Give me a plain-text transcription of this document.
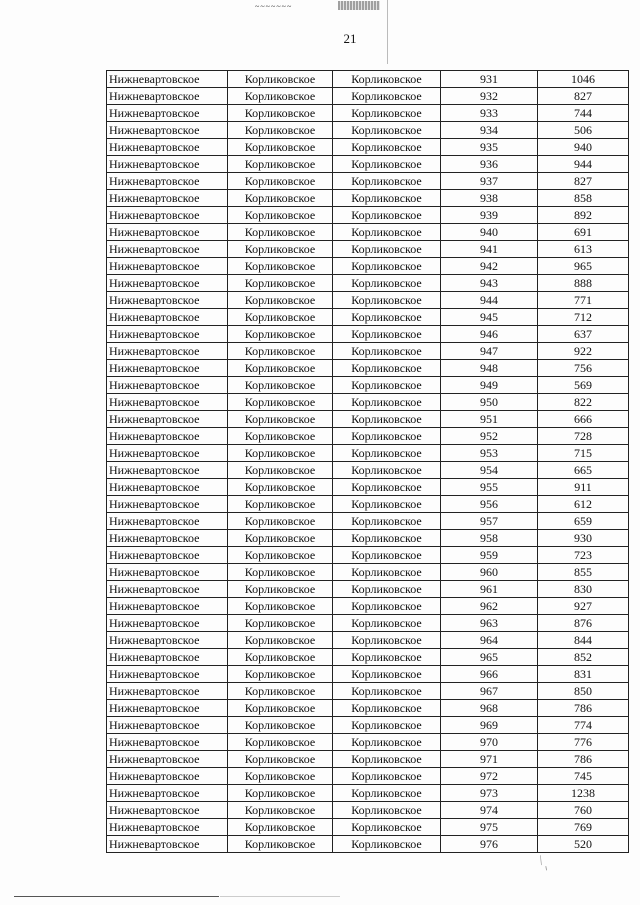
~~~~~~~
21
Нижневартовское	Корликовское	Корликовское	931	1046
Нижневартовское	Корликовское	Корликовское	932	827
Нижневартовское	Корликовское	Корликовское	933	744
Нижневартовское	Корликовское	Корликовское	934	506
Нижневартовское	Корликовское	Корликовское	935	940
Нижневартовское	Корликовское	Корликовское	936	944
Нижневартовское	Корликовское	Корликовское	937	827
Нижневартовское	Корликовское	Корликовское	938	858
Нижневартовское	Корликовское	Корликовское	939	892
Нижневартовское	Корликовское	Корликовское	940	691
Нижневартовское	Корликовское	Корликовское	941	613
Нижневартовское	Корликовское	Корликовское	942	965
Нижневартовское	Корликовское	Корликовское	943	888
Нижневартовское	Корликовское	Корликовское	944	771
Нижневартовское	Корликовское	Корликовское	945	712
Нижневартовское	Корликовское	Корликовское	946	637
Нижневартовское	Корликовское	Корликовское	947	922
Нижневартовское	Корликовское	Корликовское	948	756
Нижневартовское	Корликовское	Корликовское	949	569
Нижневартовское	Корликовское	Корликовское	950	822
Нижневартовское	Корликовское	Корликовское	951	666
Нижневартовское	Корликовское	Корликовское	952	728
Нижневартовское	Корликовское	Корликовское	953	715
Нижневартовское	Корликовское	Корликовское	954	665
Нижневартовское	Корликовское	Корликовское	955	911
Нижневартовское	Корликовское	Корликовское	956	612
Нижневартовское	Корликовское	Корликовское	957	659
Нижневартовское	Корликовское	Корликовское	958	930
Нижневартовское	Корликовское	Корликовское	959	723
Нижневартовское	Корликовское	Корликовское	960	855
Нижневартовское	Корликовское	Корликовское	961	830
Нижневартовское	Корликовское	Корликовское	962	927
Нижневартовское	Корликовское	Корликовское	963	876
Нижневартовское	Корликовское	Корликовское	964	844
Нижневартовское	Корликовское	Корликовское	965	852
Нижневартовское	Корликовское	Корликовское	966	831
Нижневартовское	Корликовское	Корликовское	967	850
Нижневартовское	Корликовское	Корликовское	968	786
Нижневартовское	Корликовское	Корликовское	969	774
Нижневартовское	Корликовское	Корликовское	970	776
Нижневартовское	Корликовское	Корликовское	971	786
Нижневартовское	Корликовское	Корликовское	972	745
Нижневартовское	Корликовское	Корликовское	973	1238
Нижневартовское	Корликовское	Корликовское	974	760
Нижневартовское	Корликовское	Корликовское	975	769
Нижневартовское	Корликовское	Корликовское	976	520
⟍ ⸜
